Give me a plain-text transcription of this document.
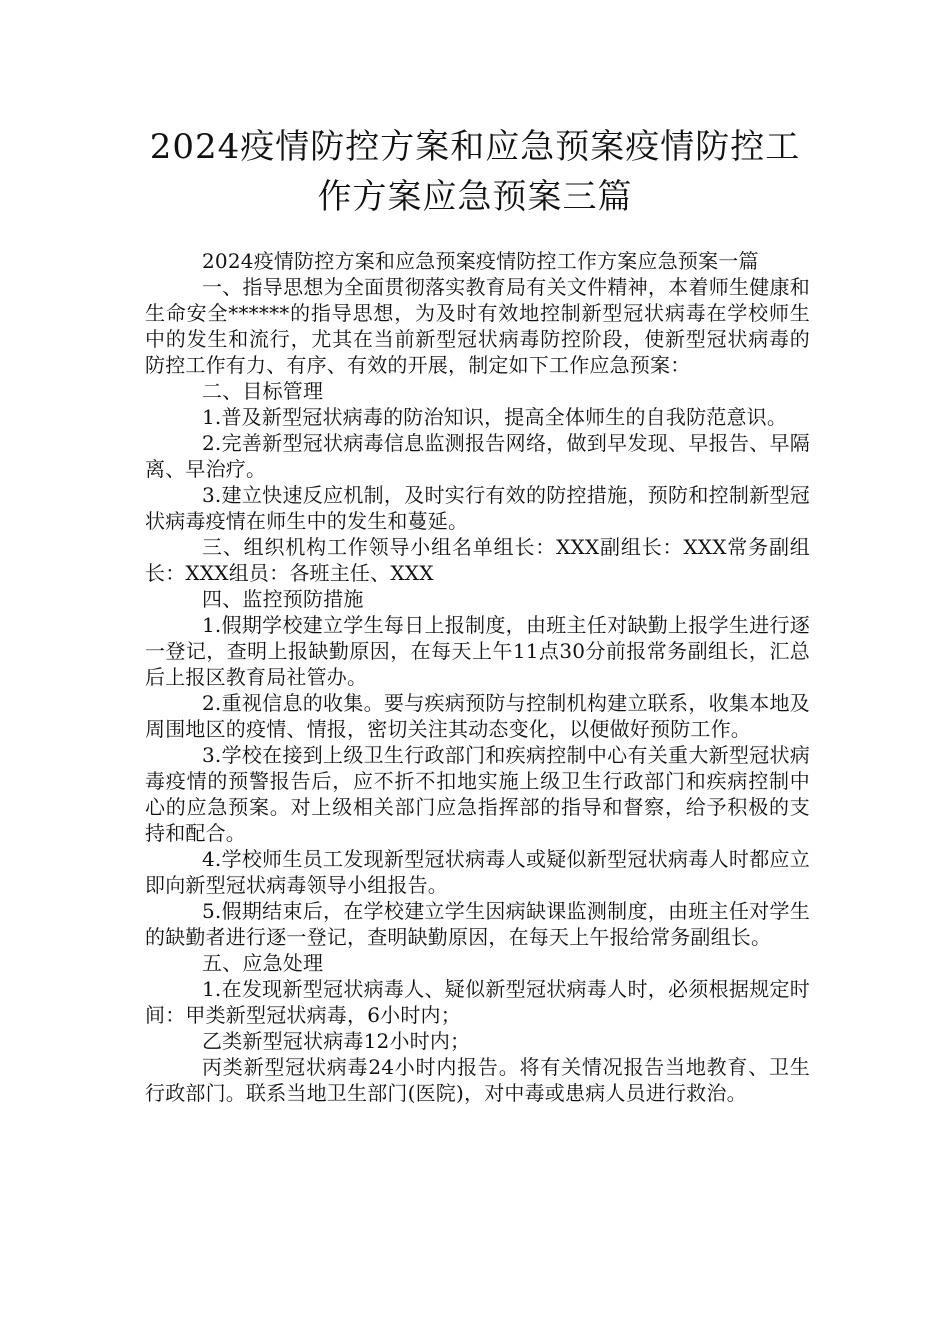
2024疫情防控方案和应急预案疫情防控工
作方案应急预案三篇

2024疫情防控方案和应急预案疫情防控工作方案应急预案一篇

一、指导思想为全面贯彻落实教育局有关文件精神，本着师生健康和生命安全******的指导思想，为及时有效地控制新型冠状病毒在学校师生中的发生和流行，尤其在当前新型冠状病毒防控阶段，使新型冠状病毒的防控工作有力、有序、有效的开展，制定如下工作应急预案：

二、目标管理

1.普及新型冠状病毒的防治知识，提高全体师生的自我防范意识。

2.完善新型冠状病毒信息监测报告网络，做到早发现、早报告、早隔离、早治疗。

3.建立快速反应机制，及时实行有效的防控措施，预防和控制新型冠状病毒疫情在师生中的发生和蔓延。

三、组织机构工作领导小组名单组长：XXX副组长：XXX常务副组长：XXX组员：各班主任、XXX

四、监控预防措施

1.假期学校建立学生每日上报制度，由班主任对缺勤上报学生进行逐一登记，查明上报缺勤原因，在每天上午11点30分前报常务副组长，汇总后上报区教育局社管办。

2.重视信息的收集。要与疾病预防与控制机构建立联系，收集本地及周围地区的疫情、情报，密切关注其动态变化，以便做好预防工作。

3.学校在接到上级卫生行政部门和疾病控制中心有关重大新型冠状病毒疫情的预警报告后，应不折不扣地实施上级卫生行政部门和疾病控制中心的应急预案。对上级相关部门应急指挥部的指导和督察，给予积极的支持和配合。

4.学校师生员工发现新型冠状病毒人或疑似新型冠状病毒人时都应立即向新型冠状病毒领导小组报告。

5.假期结束后，在学校建立学生因病缺课监测制度，由班主任对学生的缺勤者进行逐一登记，查明缺勤原因，在每天上午报给常务副组长。

五、应急处理

1.在发现新型冠状病毒人、疑似新型冠状病毒人时，必须根据规定时间：甲类新型冠状病毒，6小时内；

乙类新型冠状病毒12小时内；

丙类新型冠状病毒24小时内报告。将有关情况报告当地教育、卫生行政部门。联系当地卫生部门(医院)，对中毒或患病人员进行救治。
